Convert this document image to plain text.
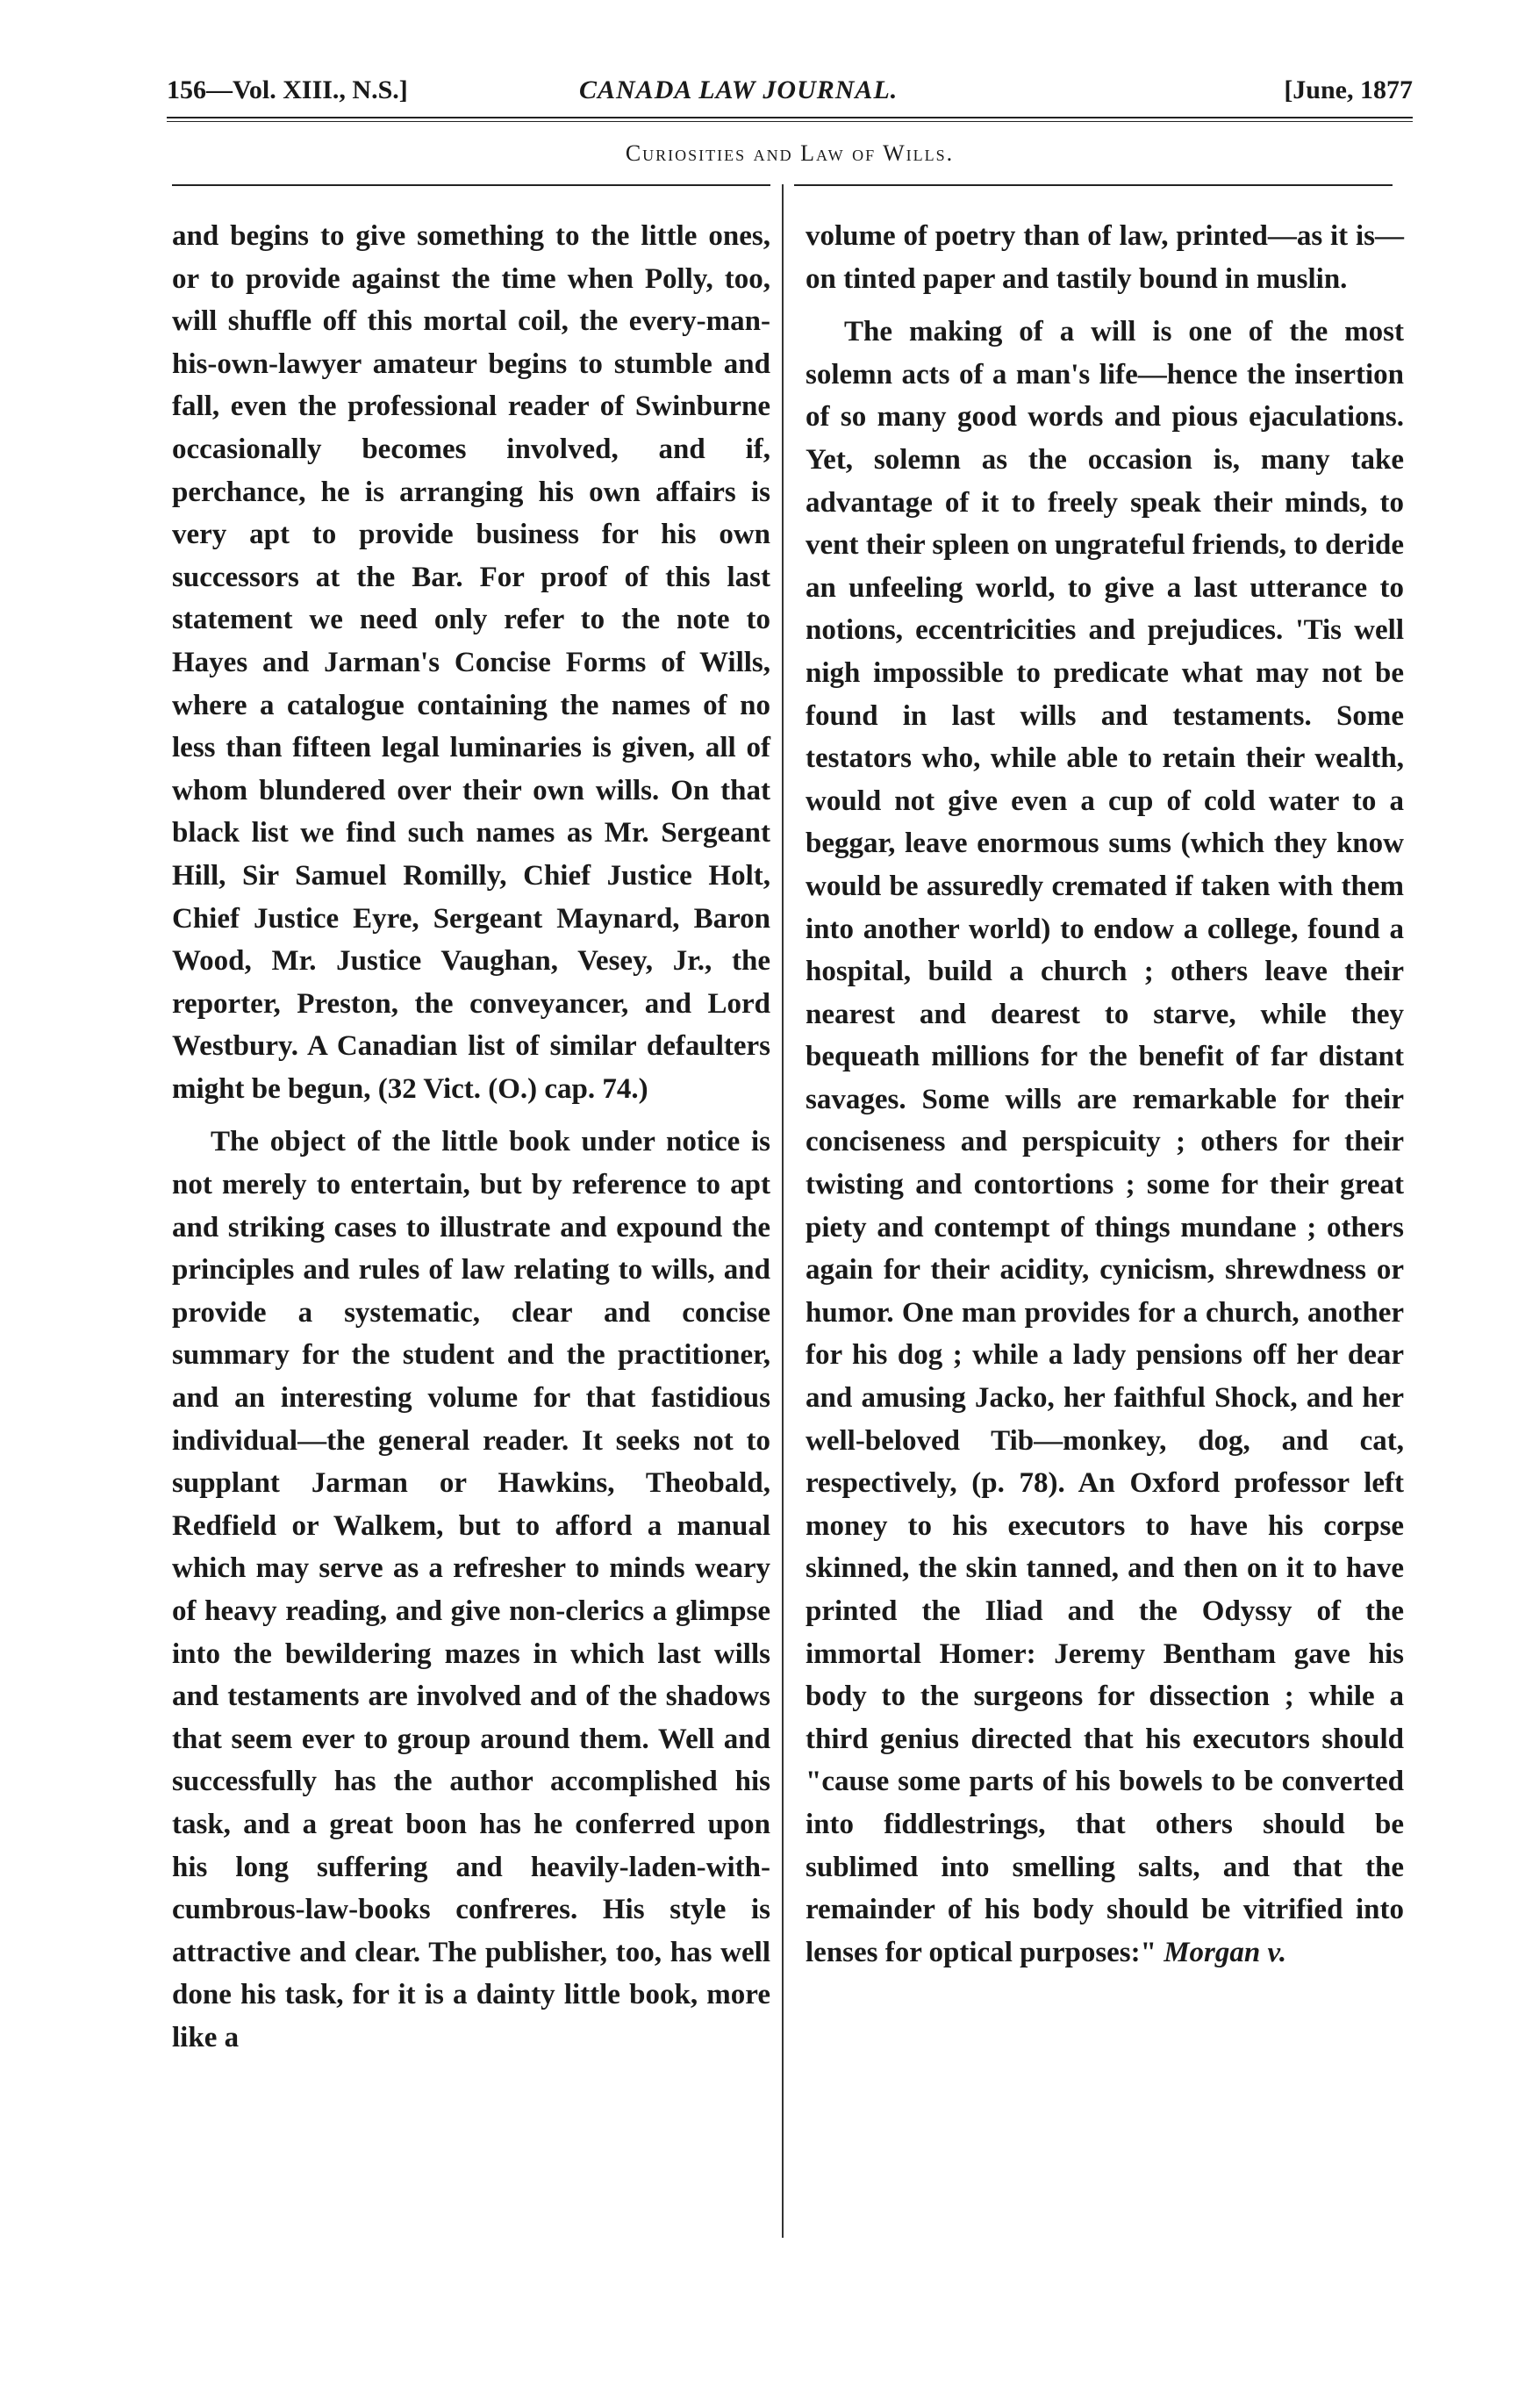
156—Vol. XIII., N.S.]	CANADA LAW JOURNAL.	[June, 1877
Curiosities and Law of Wills.

and begins to give something to the little ones, or to provide against the time when Polly, too, will shuffle off this mortal coil, the every-man-his-own-lawyer amateur begins to stumble and fall, even the professional reader of Swinburne occasionally becomes involved, and if, perchance, he is arranging his own affairs is very apt to provide business for his own successors at the Bar. For proof of this last statement we need only refer to the note to Hayes and Jarman's Concise Forms of Wills, where a catalogue containing the names of no less than fifteen legal luminaries is given, all of whom blundered over their own wills. On that black list we find such names as Mr. Sergeant Hill, Sir Samuel Romilly, Chief Justice Holt, Chief Justice Eyre, Sergeant Maynard, Baron Wood, Mr. Justice Vaughan, Vesey, Jr., the reporter, Preston, the conveyancer, and Lord Westbury. A Canadian list of similar defaulters might be begun, (32 Vict. (O.) cap. 74.)

The object of the little book under notice is not merely to entertain, but by reference to apt and striking cases to illustrate and expound the principles and rules of law relating to wills, and provide a systematic, clear and concise summary for the student and the practitioner, and an interesting volume for that fastidious individual—the general reader. It seeks not to supplant Jarman or Hawkins, Theobald, Redfield or Walkem, but to afford a manual which may serve as a refresher to minds weary of heavy reading, and give non-clerics a glimpse into the bewildering mazes in which last wills and testaments are involved and of the shadows that seem ever to group around them. Well and successfully has the author accomplished his task, and a great boon has he conferred upon his long suffering and heavily-laden-with-cumbrous-law-books confreres. His style is attractive and clear. The publisher, too, has well done his task, for it is a dainty little book, more like a

volume of poetry than of law, printed—as it is—on tinted paper and tastily bound in muslin.

The making of a will is one of the most solemn acts of a man's life—hence the insertion of so many good words and pious ejaculations. Yet, solemn as the occasion is, many take advantage of it to freely speak their minds, to vent their spleen on ungrateful friends, to deride an unfeeling world, to give a last utterance to notions, eccentricities and prejudices. 'Tis well nigh impossible to predicate what may not be found in last wills and testaments. Some testators who, while able to retain their wealth, would not give even a cup of cold water to a beggar, leave enormous sums (which they know would be assuredly cremated if taken with them into another world) to endow a college, found a hospital, build a church ; others leave their nearest and dearest to starve, while they bequeath millions for the benefit of far distant savages. Some wills are remarkable for their conciseness and perspicuity ; others for their twisting and contortions ; some for their great piety and contempt of things mundane ; others again for their acidity, cynicism, shrewdness or humor. One man provides for a church, another for his dog ; while a lady pensions off her dear and amusing Jacko, her faithful Shock, and her well-beloved Tib—monkey, dog, and cat, respectively, (p. 78). An Oxford professor left money to his executors to have his corpse skinned, the skin tanned, and then on it to have printed the Iliad and the Odyssy of the immortal Homer: Jeremy Bentham gave his body to the surgeons for dissection ; while a third genius directed that his executors should "cause some parts of his bowels to be converted into fiddlestrings, that others should be sublimed into smelling salts, and that the remainder of his body should be vitrified into lenses for optical purposes:" Morgan v.
